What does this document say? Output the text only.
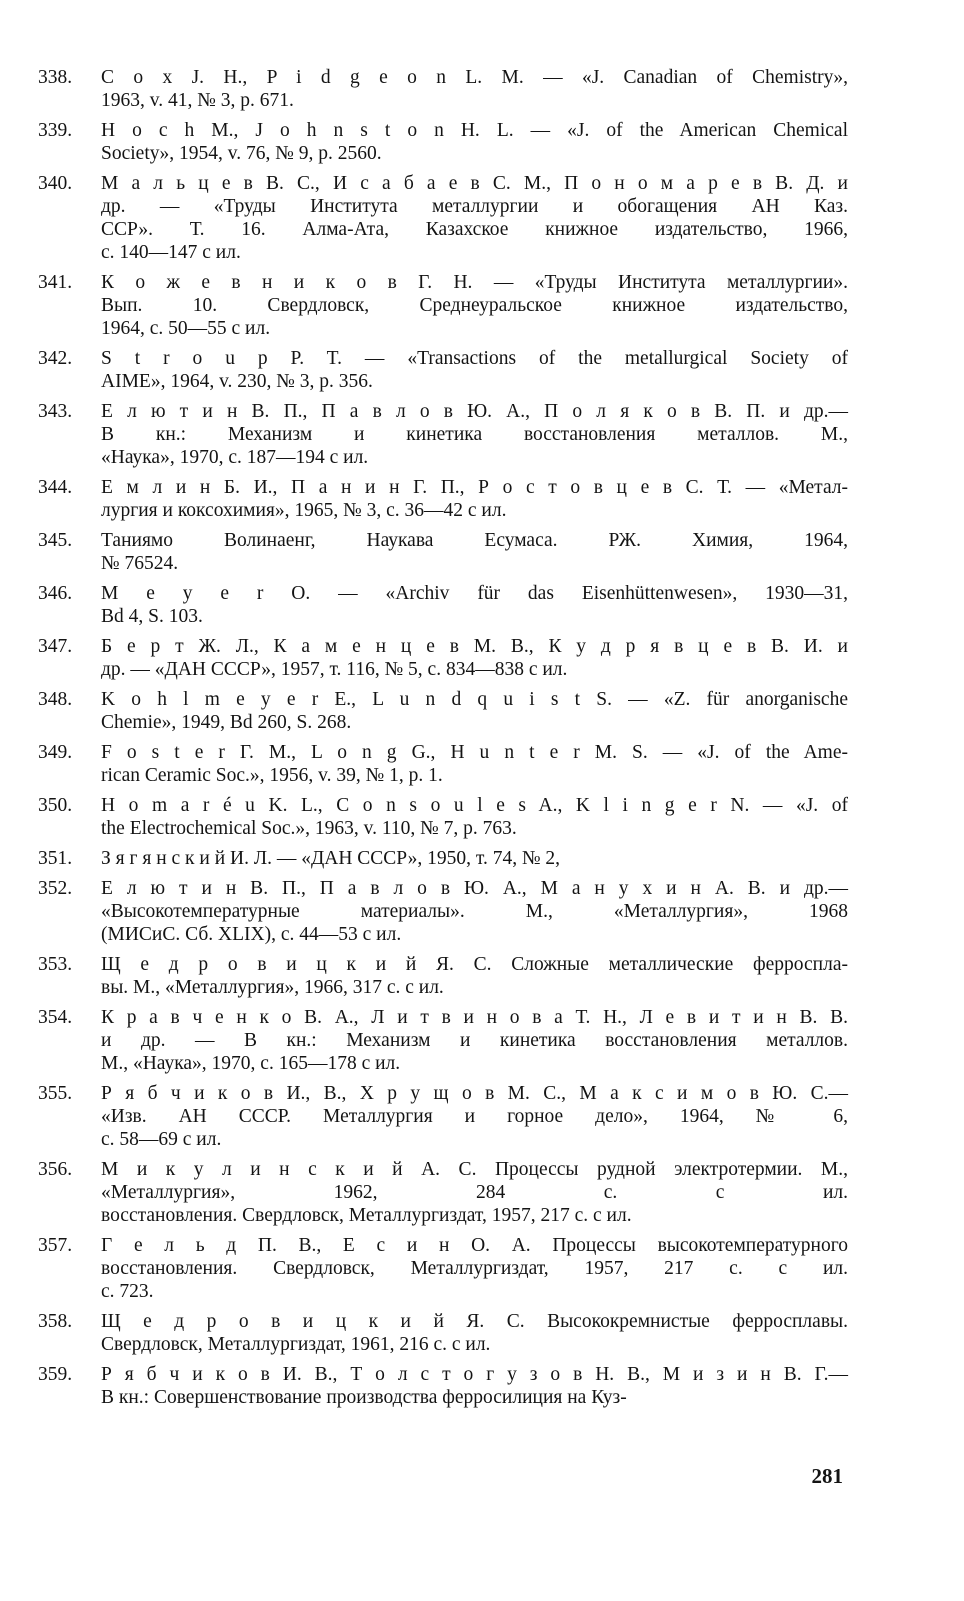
338. С о х J. H., P i d g e o n L. M. — «J. Canadian of Chemistry»,
1963, v. 41, № 3, p. 671.
339. H o c h M., J o h n s t o n H. L. — «J. of the American Chemical
Society», 1954, v. 76, № 9, p. 2560.
340. М а л ь ц е в В. С., И с а б а е в С. М., П о н о м а р е в В. Д. и
др. — «Труды Института металлургии и обогащения АН Каз.
ССР». Т. 16. Алма-Ата, Казахское книжное издательство, 1966,
с. 140—147 с ил.
341. К о ж е в н и к о в Г. Н. — «Труды Института металлургии».
Вып. 10. Свердловск, Среднеуральское книжное издательство,
1964, с. 50—55 с ил.
342. S t r o u p P. T. — «Transactions of the metallurgical Society of
AIME», 1964, v. 230, № 3, p. 356.
343. Е л ю т и н В. П., П а в л о в Ю. А., П о л я к о в В. П. и др.—
В кн.: Механизм и кинетика восстановления металлов. М.,
«Наука», 1970, с. 187—194 с ил.
344. Е м л и н Б. И., П а н и н Г. П., Р о с т о в ц е в С. Т. — «Метал-
лургия и коксохимия», 1965, № 3, с. 36—42 с ил.
345. Таниямо Волинаенг, Наукава Есумаса. РЖ. Химия, 1964,
№ 76524.
346. M e y e r O. — «Archiv für das Eisenhüttenwesen», 1930—31,
Bd 4, S. 103.
347. Б е р т Ж. Л., К а м е н ц е в М. В., К у д р я в ц е в В. И. и
др. — «ДАН СССР», 1957, т. 116, № 5, с. 834—838 с ил.
348. K o h l m e y e r E., L u n d q u i s t S. — «Z. für anorganische
Chemie», 1949, Bd 260, S. 268.
349. F o s t e r Г. M., L o n g G., H u n t e r M. S. — «J. of the Ame-
rican Ceramic Soc.», 1956, v. 39, № 1, p. 1.
350. H o m a r é u K. L., C o n s o u l e s A., K l i n g e r N. — «J. of
the Electrochemical Soc.», 1963, v. 110, № 7, p. 763.
351. З я г я н с к и й И. Л. — «ДАН СССР», 1950, т. 74, № 2,
352. Е л ю т и н В. П., П а в л о в Ю. А., М а н у х и н А. В. и др.—
«Высокотемпературные материалы». М., «Металлургия», 1968
(МИСиС. Сб. XLIX), с. 44—53 с ил.
353. Щ е д р о в и ц к и й Я. С. Сложные металлические ферроспла-
вы. М., «Металлургия», 1966, 317 с. с ил.
354. К р а в ч е н к о В. А., Л и т в и н о в а Т. Н., Л е в и т и н В. В.
и др. — В кн.: Механизм и кинетика восстановления металлов.
М., «Наука», 1970, с. 165—178 с ил.
355. Р я б ч и к о в И., В., Х р у щ о в М. С., М а к с и м о в Ю. С.—
«Изв. АН СССР. Металлургия и горное дело», 1964, № 6,
с. 58—69 с ил.
356. М и к у л и н с к и й А. С. Процессы рудной электротермии. М.,
«Металлургия», 1962, 284 с. с ил.
восстановления. Свердловск, Металлургиздат, 1957, 217 с. с ил.
357. Г е л ь д П. В., Е с и н О. А. Процессы высокотемпературного
восстановления. Свердловск, Металлургиздат, 1957, 217 с. с ил.
с. 723.
358. Щ е д р о в и ц к и й Я. С. Высококремнистые ферросплавы.
Свердловск, Металлургиздат, 1961, 216 с. с ил.
359. Р я б ч и к о в И. В., Т о л с т о г у з о в Н. В., М и з и н В. Г.—
В кн.: Совершенствование производства ферросилиция на Куз-
281
